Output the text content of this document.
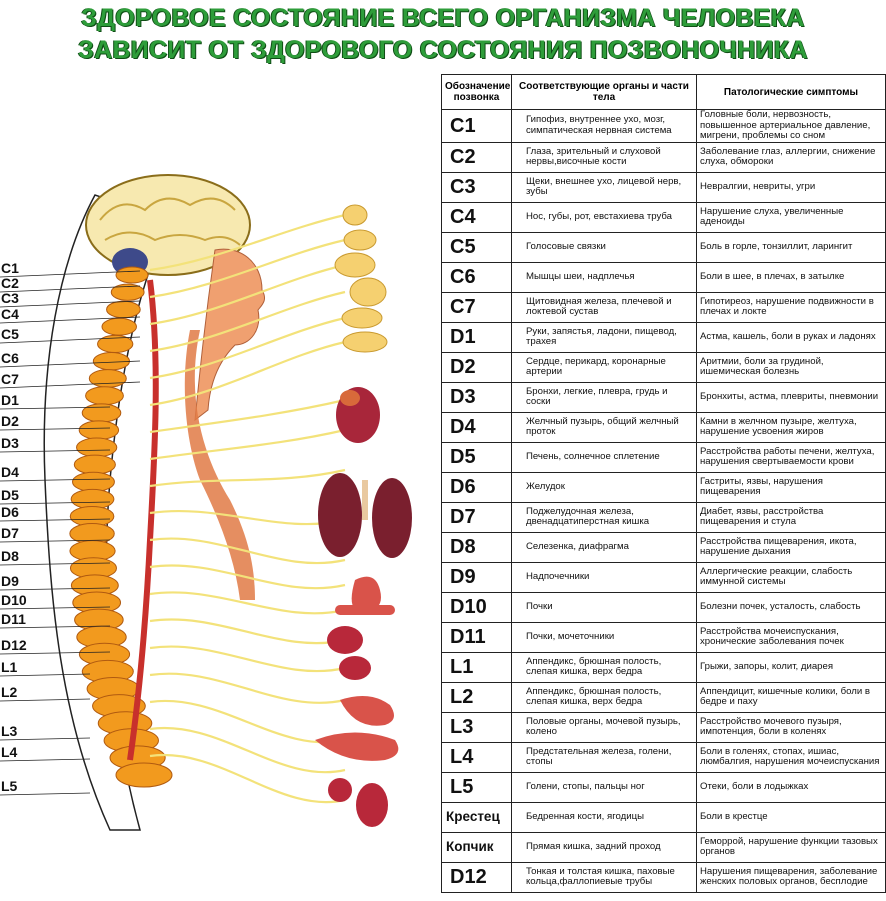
ЗДОРОВОЕ СОСТОЯНИЕ ВСЕГО ОРГАНИЗМА ЧЕЛОВЕКА
ЗАВИСИТ ОТ ЗДОРОВОГО СОСТОЯНИЯ ПОЗВОНОЧНИКА
C1
C2
C3
C4
C5
C6
C7
D1
D2
D3
D4
D5
D6
D7
D8
D9
D10
D11
D12
L1
L2
L3
L4
L5
Обозначение позвонка	Соответствующие органы и части тела	Патологические симптомы
C1	Гипофиз, внутреннее ухо, мозг, симпатическая нервная система	Головные боли, нервозность, повышенное артериальное давление, мигрени, проблемы со сном
C2	Глаза, зрительный и слуховой нервы,височные кости	Заболевание глаз, аллергии, снижение слуха, обмороки
C3	Щеки, внешнее ухо, лицевой нерв, зубы	Невралгии, невриты, угри
C4	Нос, губы, рот, евстахиева труба	Нарушение слуха, увеличенные аденоиды
C5	Голосовые связки	Боль в горле, тонзиллит, ларингит
C6	Мышцы шеи, надплечья	Боли в шее, в плечах, в затылке
C7	Щитовидная железа, плечевой и локтевой сустав	Гипотиреоз, нарушение подвижности в плечах и локте
D1	Руки, запястья, ладони, пищевод, трахея	Астма, кашель, боли в руках и ладонях
D2	Сердце, перикард, коронарные артерии	Аритмии, боли за грудиной, ишемическая болезнь
D3	Бронхи, легкие, плевра, грудь и соски	Бронхиты, астма, плевриты, пневмонии
D4	Желчный пузырь, общий желчный проток	Камни в желчном пузыре, желтуха, нарушение усвоения жиров
D5	Печень, солнечное сплетение	Расстройства работы печени, желтуха, нарушения свертываемости крови
D6	Желудок	Гастриты, язвы, нарушения пищеварения
D7	Поджелудочная железа, двенадцатиперстная кишка	Диабет, язвы, расстройства пищеварения и стула
D8	Селезенка, диафрагма	Расстройства пищеварения, икота, нарушение дыхания
D9	Надпочечники	Аллергические реакции, слабость иммунной системы
D10	Почки	Болезни почек, усталость, слабость
D11	Почки, мочеточники	Расстройства мочеиспускания, хронические заболевания почек
L1	Аппендикс, брюшная полость, слепая кишка, верх бедра	Грыжи, запоры, колит, диарея
L2	Аппендикс, брюшная полость, слепая кишка, верх бедра	Аппендицит, кишечные колики, боли в бедре и паху
L3	Половые органы, мочевой пузырь, колено	Расстройство мочевого пузыря, импотенция, боли в коленях
L4	Предстательная железа, голени, стопы	Боли в голенях, стопах, ишиас, люмбалгия, нарушения мочеиспускания
L5	Голени, стопы, пальцы ног	Отеки, боли в лодыжках
Крестец	Бедренная кости, ягодицы	Боли в крестце
Копчик	Прямая кишка, задний проход	Геморрой, нарушение функции тазовых органов
D12	Тонкая и толстая кишка, паховые кольца,фаллопиевые трубы	Нарушения пищеварения, заболевание женских половых органов, бесплодие
